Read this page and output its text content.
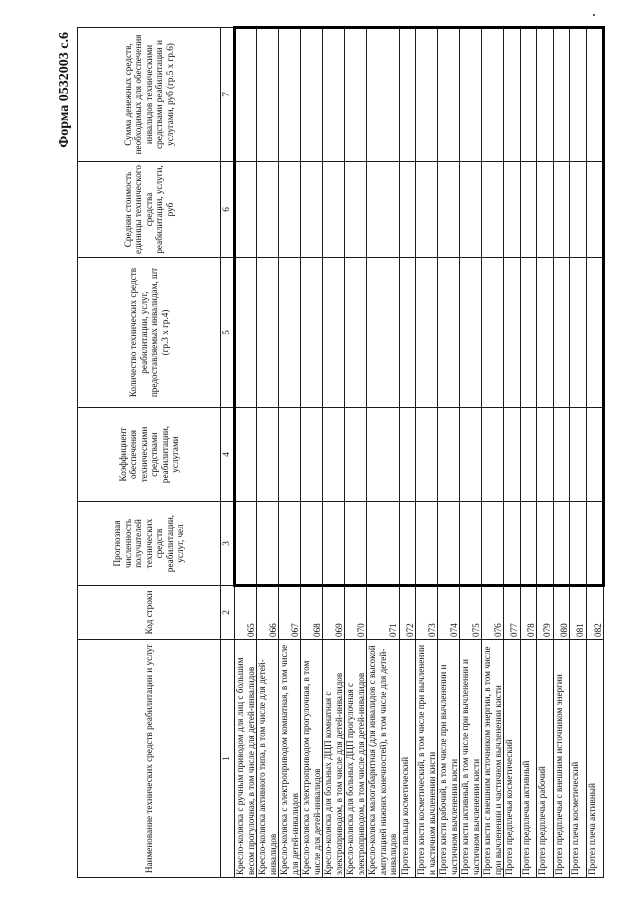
Форма 0532003 с.6
Наименование технических средств реабилитации и услуг	Код строки	Прогнозная численность получателей технических средств реабилитации, услуг, чел	Коэффициент обеспечения техническими средствами реабилитации, услугами	Количество технических средств реабилитации, услуг, предоставляемых инвалидам, шт (гр.3 х гр.4)	Средняя стоимость единицы технического средства реабилитации, услуги, руб	Сумма денежных средств, необходимых для обеспечения инвалидов техническими средствами реабилитации и услугами, руб (гр.5 х гр.6)
1	2	3	4	5	6	7
Кресло-коляска с ручным приводом для лиц с большим весом прогулочная, в том числе для детей-инвалидов	065					
Кресло-коляска активного типа, в том числе для детей-инвалидов	066					
Кресло-коляска с электроприводом комнатная, в том числе для детей-инвалидов	067					
Кресло-коляска с электроприводом прогулочная, в том числе для детей-инвалидов	068					
Кресло-коляска для больных ДЦП комнатная с электроприводом, в том числе для детей-инвалидов	069					
Кресло-коляска для больных ДЦП прогулочная с электроприводом, в том числе для детей-инвалидов	070					
Кресло-коляска малогабаритная (для инвалидов с высокой ампутацией нижних конечностей), в том числе для детей-инвалидов	071					
Протез пальца косметический	072					
Протез кисти косметический, в том числе при вычленении и частичном вычленении кисти	073					
Протез кисти рабочий, в том числе при вычленении и частичном вычленении кисти	074					
Протез кисти активный, в том числе при вычленении и частичном вычленении кисти	075					
Протез кисти с внешним источником энергии, в том числе при вычленении и частичном вычленении кисти	076					
Протез предплечья косметический	077					
Протез предплечья активный	078					
Протез предплечья рабочий	079					
Протез предплечья с внешним источником энергии	080					
Протез плеча косметический	081					
Протез плеча активный	082					
